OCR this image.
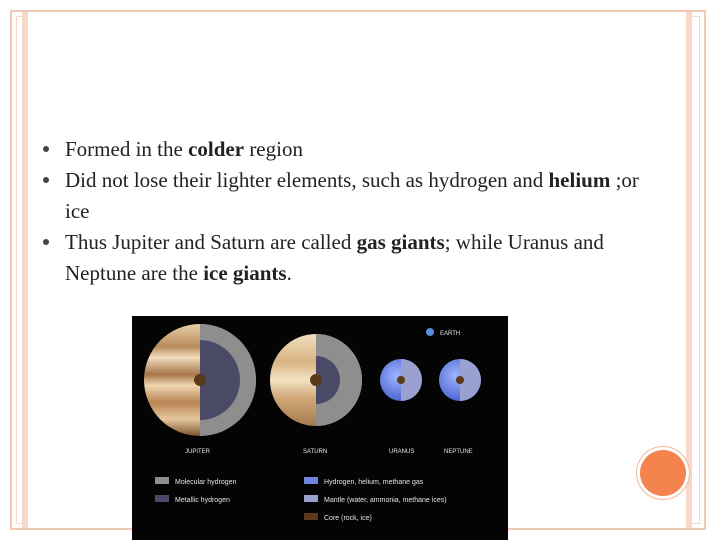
Formed in the colder region
Did not lose their lighter elements, such as hydrogen and helium ;or ice
Thus Jupiter and Saturn are called gas giants; while Uranus and Neptune are the ice giants.
EARTH
JUPITER	SATURN	URANUS	NEPTUNE
Molecular hydrogen
Metallic hydrogen
Hydrogen, helium, methane gas
Mantle (water, ammonia, methane ices)
Core (rock, ice)
